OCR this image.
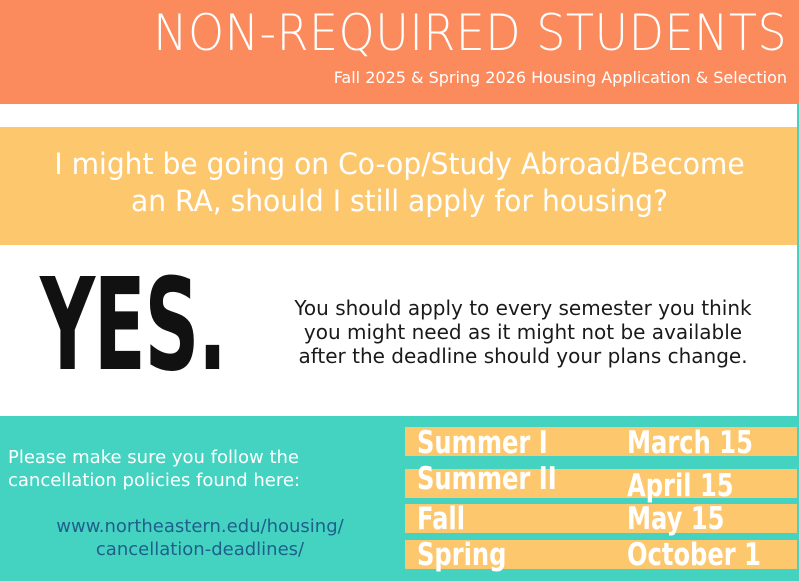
NON-REQUIRED STUDENTS
Fall 2025 & Spring 2026 Housing Application & Selection
I might be going on Co-op/Study Abroad/Become
an RA, should I still apply for housing?
YES.	You should apply to every semester you think
you might need as it might not be available
after the deadline should your plans change.
Please make sure you follow the
cancellation policies found here:
www.northeastern.edu/housing/
cancellation-deadlines/
Summer I	March 15
Summer II April 15
Fall	May 15
Spring	October 1
